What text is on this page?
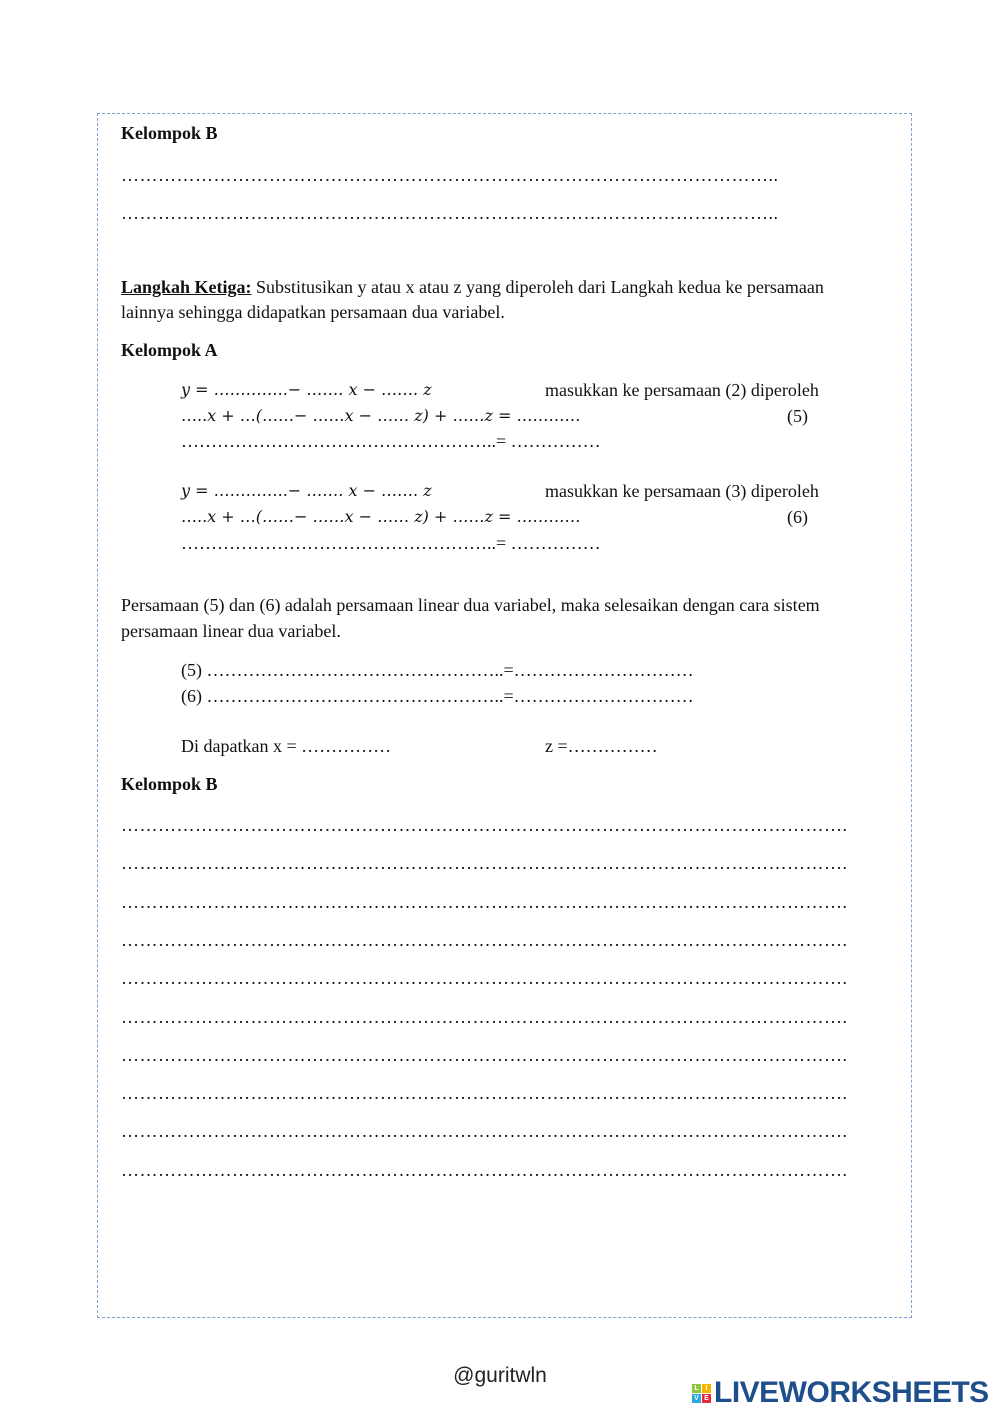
Kelompok B
……………………………………………………………………………………………..
……………………………………………………………………………………………..
Langkah Ketiga: Substitusikan y atau x atau z yang diperoleh dari Langkah kedua ke persamaan
lainnya sehingga didapatkan persamaan dua variabel.
Kelompok A
y = …………..− ……. x − ……. z	masukkan ke persamaan (2) diperoleh
…..x + …(……− ……x − …… z) + ……z = …………	(5)
……………………………………………..= ……………
y = …………..− ……. x − ……. z	masukkan ke persamaan (3) diperoleh
…..x + …(……− ……x − …… z) + ……z = …………	(6)
……………………………………………..= ……………
Persamaan (5) dan (6) adalah persamaan linear dua variabel, maka selesaikan dengan cara sistem
persamaan linear dua variabel.
(5) …………………………………………..=…………………………
(6) …………………………………………..=…………………………
Di dapatkan x = ……………	z =……………
Kelompok B
……………………………………………………………………………………………………….
……………………………………………………………………………………………………….
……………………………………………………………………………………………………….
……………………………………………………………………………………………………….
……………………………………………………………………………………………………….
……………………………………………………………………………………………………….
……………………………………………………………………………………………………….
……………………………………………………………………………………………………….
……………………………………………………………………………………………………….
……………………………………………………………………………………………………….
@guritwln
L I
V E LIVEWORKSHEETS
